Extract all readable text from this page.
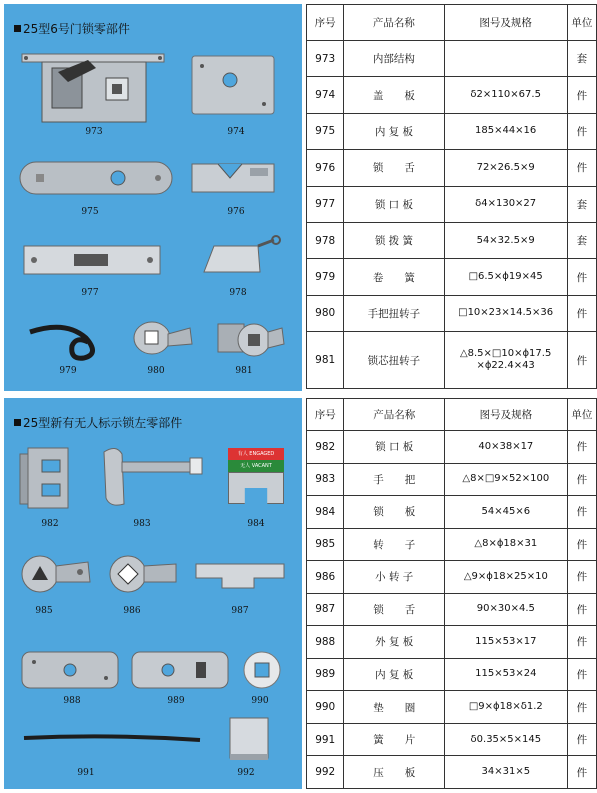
25型6号门锁零部件
973	974
975	976
977	978
979	980	981
序号	产品名称	图号及规格	单位
973	内部结构		套
974	盖　　板	δ2×110×67.5	件
975	内 复 板	185×44×16	件
976	锁　　舌	72×26.5×9	件
977	锁 口 板	δ4×130×27	套
978	锁 拨 簧	54×32.5×9	套
979	卷　　簧	□6.5×ϕ19×45	件
980	手把扭转子	□10×23×14.5×36	件
981	锁芯扭转子	△8.5×□10×ϕ17.5 ×ϕ22.4×43	件
25型新有无人标示锁左零部件
982	983
有人 ENGAGED
无人 VACANT
984
985	986	987
988	989	990
991	992
序号	产品名称	图号及规格	单位
982	锁 口 板	40×38×17	件
983	手　　把	△8×□9×52×100	件
984	锁　　板	54×45×6	件
985	转　　子	△8×ϕ18×31	件
986	小 转 子	△9×ϕ18×25×10	件
987	锁　　舌	90×30×4.5	件
988	外 复 板	115×53×17	件
989	内 复 板	115×53×24	件
990	垫　　圈	□9×ϕ18×δ1.2	件
991	簧　　片	δ0.35×5×145	件
992	压　　板	34×31×5	件
